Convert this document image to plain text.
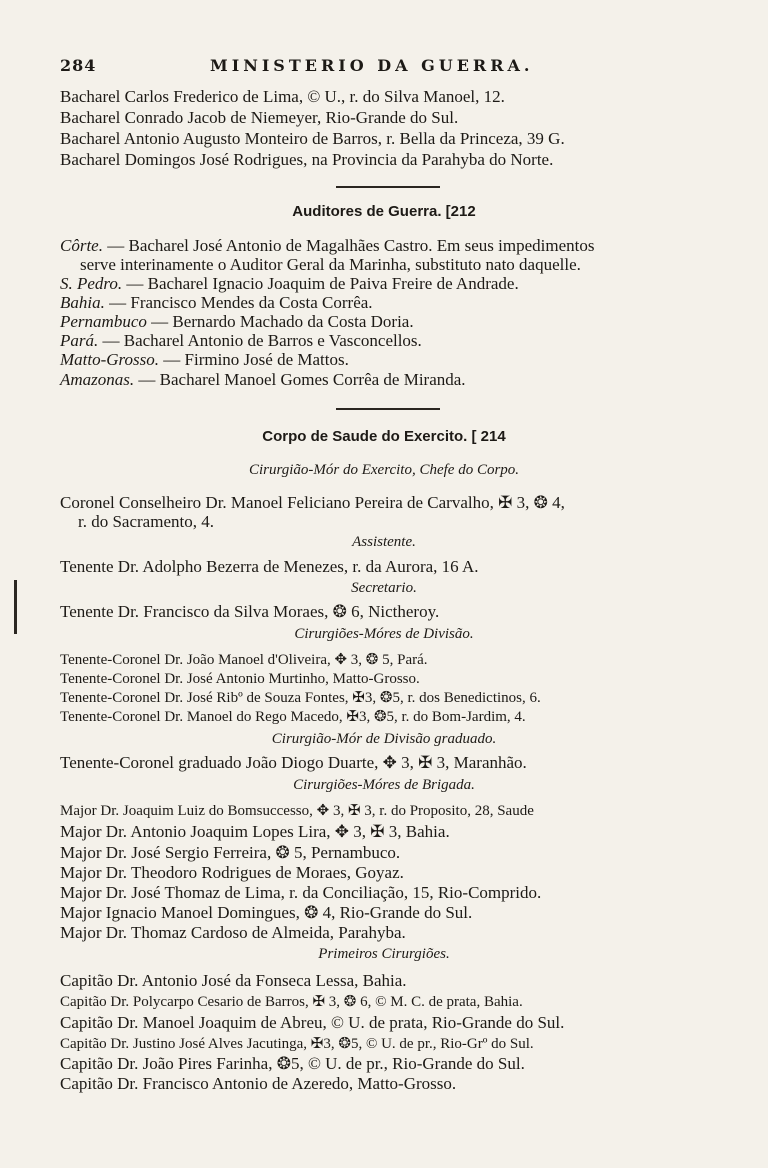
284	MINISTERIO DA GUERRA.
Bacharel Carlos Frederico de Lima, © U., r. do Silva Manoel, 12.
Bacharel Conrado Jacob de Niemeyer, Rio-Grande do Sul.
Bacharel Antonio Augusto Monteiro de Barros, r. Bella da Princeza, 39 G.
Bacharel Domingos José Rodrigues, na Provincia da Parahyba do Norte.
Auditores de Guerra. [212
Côrte. — Bacharel José Antonio de Magalhães Castro. Em seus impedimentos
serve interinamente o Auditor Geral da Marinha, substituto nato daquelle.
S. Pedro. — Bacharel Ignacio Joaquim de Paiva Freire de Andrade.
Bahia. — Francisco Mendes da Costa Corrêa.
Pernambuco — Bernardo Machado da Costa Doria.
Pará. — Bacharel Antonio de Barros e Vasconcellos.
Matto-Grosso. — Firmino José de Mattos.
Amazonas. — Bacharel Manoel Gomes Corrêa de Miranda.
Corpo de Saude do Exercito. [ 214
Cirurgião-Mór do Exercito, Chefe do Corpo.
Coronel Conselheiro Dr. Manoel Feliciano Pereira de Carvalho, ✠ 3, ❂ 4,
r. do Sacramento, 4.
Assistente.
Tenente Dr. Adolpho Bezerra de Menezes, r. da Aurora, 16 A.
Secretario.
Tenente Dr. Francisco da Silva Moraes, ❂ 6, Nictheroy.
Cirurgiões-Móres de Divisão.
Tenente-Coronel Dr. João Manoel d'Oliveira, ✥ 3, ❂ 5, Pará.
Tenente-Coronel Dr. José Antonio Murtinho, Matto-Grosso.
Tenente-Coronel Dr. José Ribº de Souza Fontes, ✠3, ❂5, r. dos Benedictinos, 6.
Tenente-Coronel Dr. Manoel do Rego Macedo, ✠3, ❂5, r. do Bom-Jardim, 4.
Cirurgião-Mór de Divisão graduado.
Tenente-Coronel graduado João Diogo Duarte, ✥ 3, ✠ 3, Maranhão.
Cirurgiões-Móres de Brigada.
Major Dr. Joaquim Luiz do Bomsuccesso, ✥ 3, ✠ 3, r. do Proposito, 28, Saude
Major Dr. Antonio Joaquim Lopes Lira, ✥ 3, ✠ 3, Bahia.
Major Dr. José Sergio Ferreira, ❂ 5, Pernambuco.
Major Dr. Theodoro Rodrigues de Moraes, Goyaz.
Major Dr. José Thomaz de Lima, r. da Conciliação, 15, Rio-Comprido.
Major Ignacio Manoel Domingues, ❂ 4, Rio-Grande do Sul.
Major Dr. Thomaz Cardoso de Almeida, Parahyba.
Primeiros Cirurgiões.
Capitão Dr. Antonio José da Fonseca Lessa, Bahia.
Capitão Dr. Polycarpo Cesario de Barros, ✠ 3, ❂ 6, © M. C. de prata, Bahia.
Capitão Dr. Manoel Joaquim de Abreu, © U. de prata, Rio-Grande do Sul.
Capitão Dr. Justino José Alves Jacutinga, ✠3, ❂5, © U. de pr., Rio-Grº do Sul.
Capitão Dr. João Pires Farinha, ❂5, © U. de pr., Rio-Grande do Sul.
Capitão Dr. Francisco Antonio de Azeredo, Matto-Grosso.
